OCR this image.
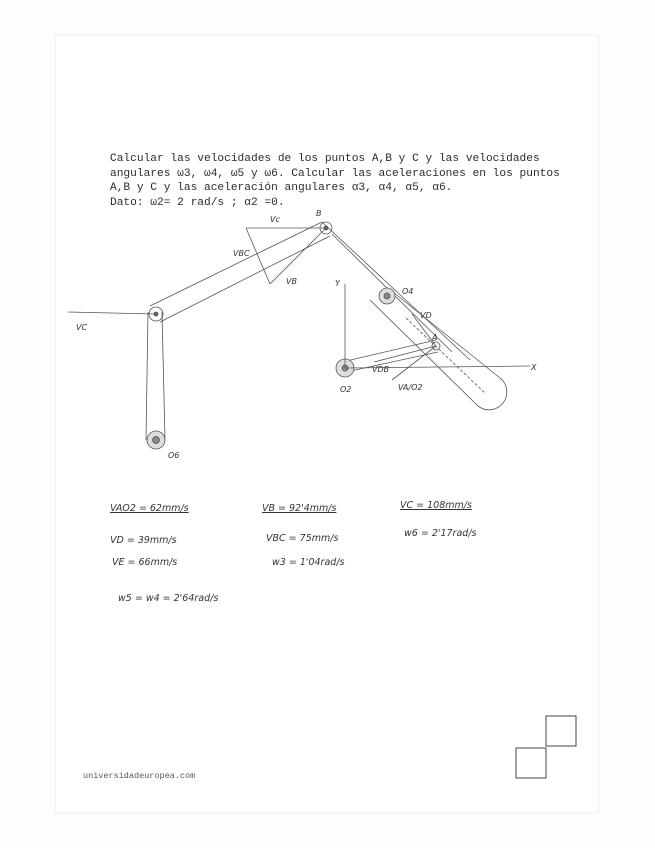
Calcular las velocidades de los puntos A,B y C y las velocidades
angulares ω3, ω4, ω5 y ω6. Calcular las aceleraciones en los puntos
A,B y C y las aceleración angulares α3, α4, α5, α6.
Dato: ω2= 2 rad/s ; α2 =0.
Vc
VBC
VB
B
Y
O4
VD
A
X
VDB
VA/O2
O2
VC
O6
VAO2 = 62mm/s	VB = 92'4mm/s	VC = 108mm/s
VD = 39mm/s	VBC = 75mm/s	w6 = 2'17rad/s
VE = 66mm/s	w3 = 1'04rad/s
w5 = w4 = 2'64rad/s
universidadeuropea.com
